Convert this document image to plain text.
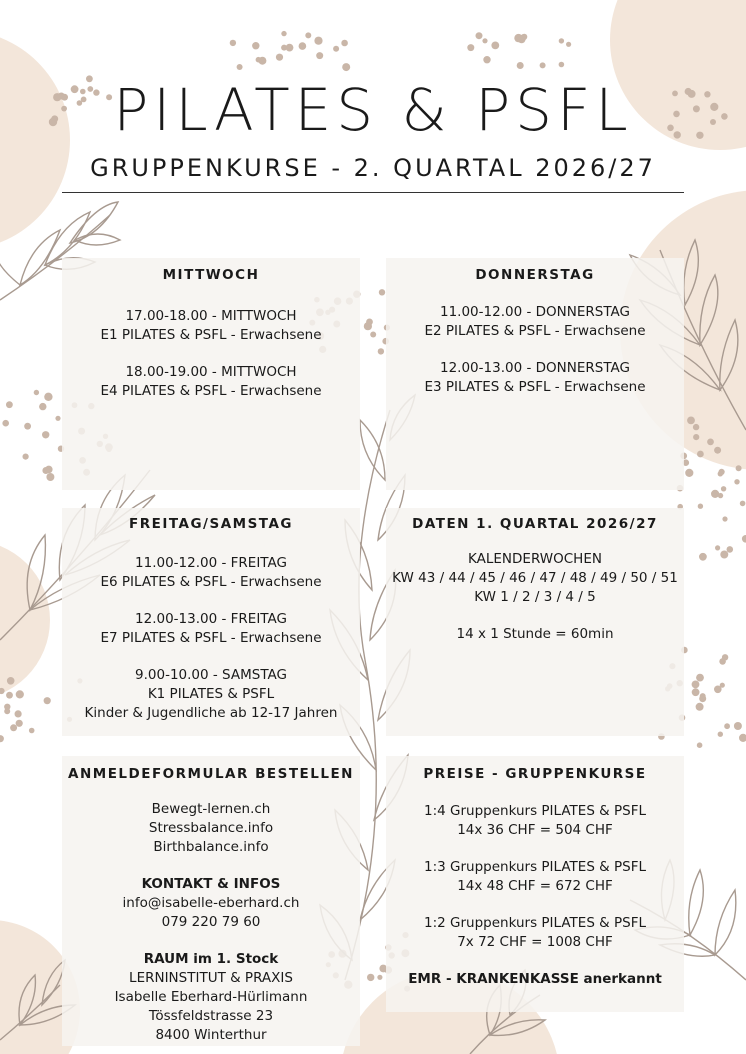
PILATES & PSFL
GRUPPENKURSE - 2. QUARTAL 2026/27
MITTWOCH
17.00-18.00 - MITTWOCH
E1 PILATES & PSFL - Erwachsene
18.00-19.00 - MITTWOCH
E4 PILATES & PSFL - Erwachsene
DONNERSTAG
11.00-12.00 - DONNERSTAG
E2 PILATES & PSFL - Erwachsene
12.00-13.00 - DONNERSTAG
E3 PILATES & PSFL - Erwachsene
FREITAG/SAMSTAG
11.00-12.00 - FREITAG
E6 PILATES & PSFL - Erwachsene
12.00-13.00 - FREITAG
E7 PILATES & PSFL - Erwachsene
9.00-10.00 - SAMSTAG
K1 PILATES & PSFL
Kinder & Jugendliche ab 12-17 Jahren
DATEN 1. QUARTAL 2026/27
KALENDERWOCHEN
KW 43 / 44 / 45 / 46 / 47 / 48 / 49 / 50 / 51
KW 1 / 2 / 3 / 4 / 5
14 x 1 Stunde = 60min
ANMELDEFORMULAR BESTELLEN
Bewegt-lernen.ch
Stressbalance.info
Birthbalance.info
KONTAKT & INFOS
info@isabelle-eberhard.ch
079 220 79 60
RAUM im 1. Stock
LERNINSTITUT & PRAXIS
Isabelle Eberhard-Hürlimann
Tössfeldstrasse 23
8400 Winterthur
PREISE - GRUPPENKURSE
1:4 Gruppenkurs PILATES & PSFL
14x 36 CHF = 504 CHF
1:3 Gruppenkurs PILATES & PSFL
14x 48 CHF = 672 CHF
1:2 Gruppenkurs PILATES & PSFL
7x 72 CHF = 1008 CHF
EMR - KRANKENKASSE anerkannt
